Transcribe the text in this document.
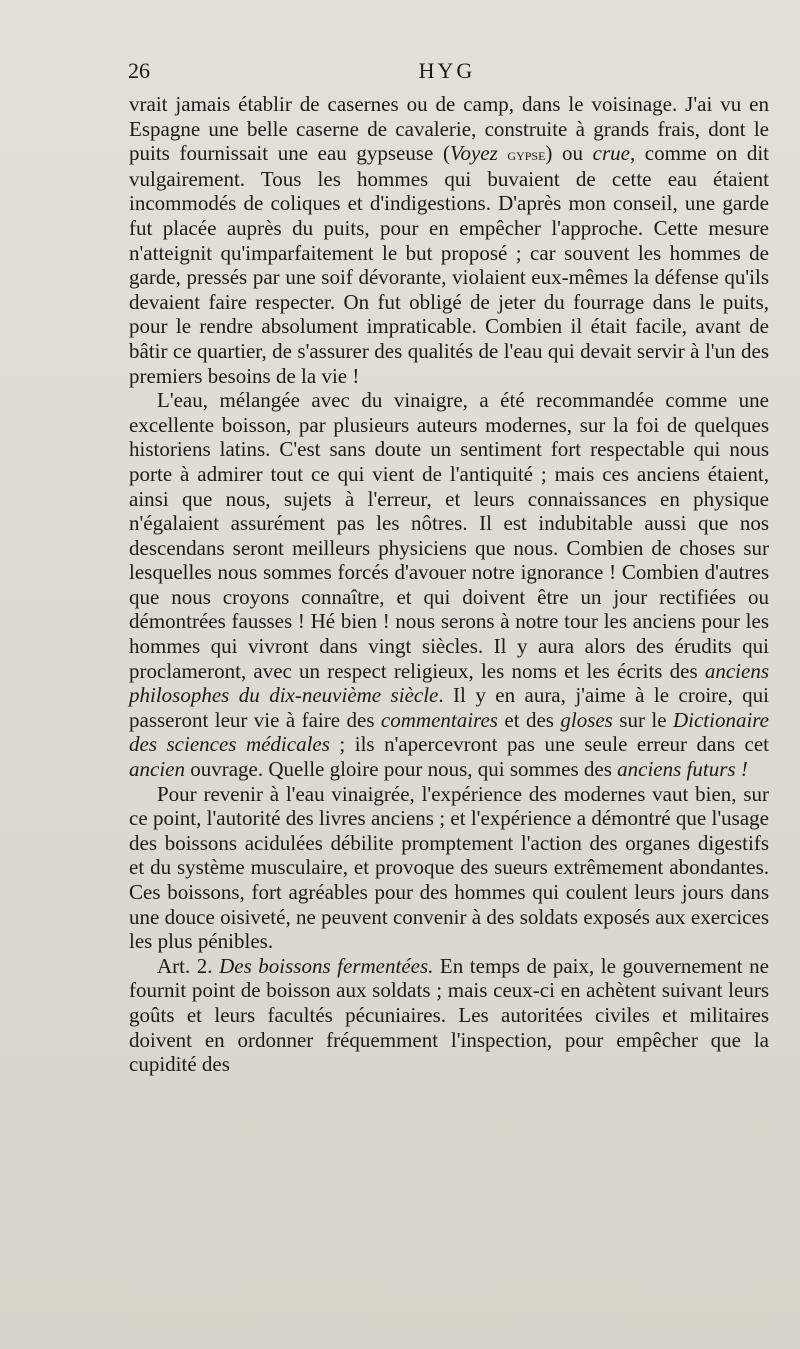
26	HYG

vrait jamais établir de casernes ou de camp, dans le voisinage. J'ai vu en Espagne une belle caserne de cavalerie, construite à grands frais, dont le puits fournissait une eau gypseuse (Voyez gypse) ou crue, comme on dit vulgairement. Tous les hommes qui buvaient de cette eau étaient incommodés de coliques et d'indigestions. D'après mon conseil, une garde fut placée auprès du puits, pour en empêcher l'approche. Cette mesure n'atteignit qu'imparfaitement le but proposé ; car souvent les hommes de garde, pressés par une soif dévorante, violaient eux-mêmes la défense qu'ils devaient faire respecter. On fut obligé de jeter du fourrage dans le puits, pour le rendre absolument impraticable. Combien il était facile, avant de bâtir ce quartier, de s'assurer des qualités de l'eau qui devait servir à l'un des premiers besoins de la vie !

L'eau, mélangée avec du vinaigre, a été recommandée comme une excellente boisson, par plusieurs auteurs modernes, sur la foi de quelques historiens latins. C'est sans doute un sentiment fort respectable qui nous porte à admirer tout ce qui vient de l'antiquité ; mais ces anciens étaient, ainsi que nous, sujets à l'erreur, et leurs connaissances en physique n'égalaient assurément pas les nôtres. Il est indubitable aussi que nos descendans seront meilleurs physiciens que nous. Combien de choses sur lesquelles nous sommes forcés d'avouer notre ignorance ! Combien d'autres que nous croyons connaître, et qui doivent être un jour rectifiées ou démontrées fausses ! Hé bien ! nous serons à notre tour les anciens pour les hommes qui vivront dans vingt siècles. Il y aura alors des érudits qui proclameront, avec un respect religieux, les noms et les écrits des anciens philosophes du dix-neuvième siècle. Il y en aura, j'aime à le croire, qui passeront leur vie à faire des commentaires et des gloses sur le Dictionaire des sciences médicales ; ils n'apercevront pas une seule erreur dans cet ancien ouvrage. Quelle gloire pour nous, qui sommes des anciens futurs !

Pour revenir à l'eau vinaigrée, l'expérience des modernes vaut bien, sur ce point, l'autorité des livres anciens ; et l'expérience a démontré que l'usage des boissons acidulées débilite promptement l'action des organes digestifs et du système musculaire, et provoque des sueurs extrêmement abondantes. Ces boissons, fort agréables pour des hommes qui coulent leurs jours dans une douce oisiveté, ne peuvent convenir à des soldats exposés aux exercices les plus pénibles.

Art. 2. Des boissons fermentées. En temps de paix, le gouvernement ne fournit point de boisson aux soldats ; mais ceux-ci en achètent suivant leurs goûts et leurs facultés pécuniaires. Les autoritées civiles et militaires doivent en ordonner fréquemment l'inspection, pour empêcher que la cupidité des
